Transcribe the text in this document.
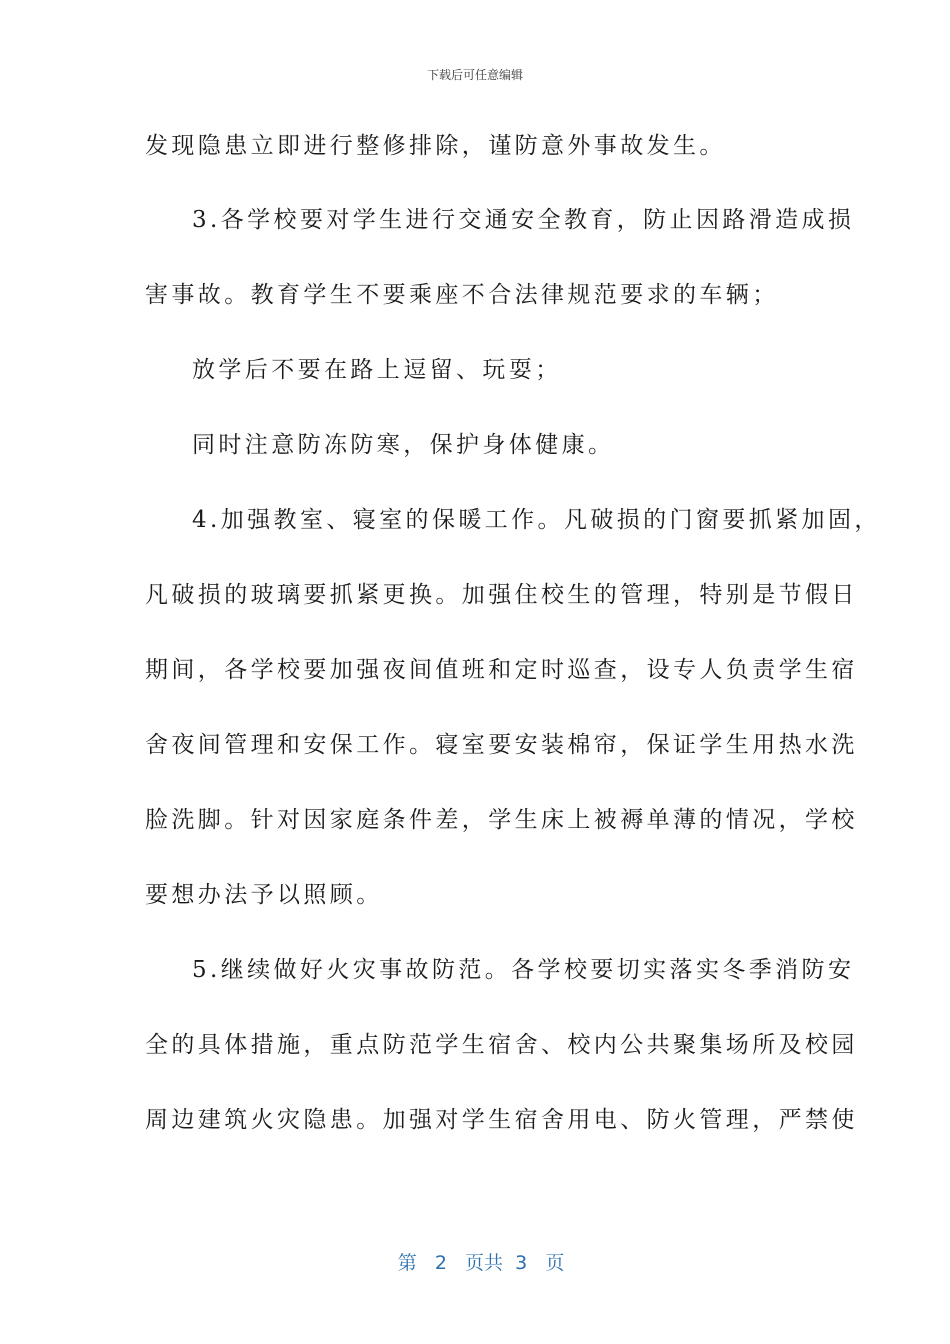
下载后可任意编辑
发现隐患立即进行整修排除，谨防意外事故发生。
3.各学校要对学生进行交通安全教育，防止因路滑造成损
害事故。教育学生不要乘座不合法律规范要求的车辆；
放学后不要在路上逗留、玩耍；
同时注意防冻防寒，保护身体健康。
4.加强教室、寝室的保暖工作。凡破损的门窗要抓紧加固，
凡破损的玻璃要抓紧更换。加强住校生的管理，特别是节假日
期间，各学校要加强夜间值班和定时巡查，设专人负责学生宿
舍夜间管理和安保工作。寝室要安装棉帘，保证学生用热水洗
脸洗脚。针对因家庭条件差，学生床上被褥单薄的情况，学校
要想办法予以照顾。
5.继续做好火灾事故防范。各学校要切实落实冬季消防安
全的具体措施，重点防范学生宿舍、校内公共聚集场所及校园
周边建筑火灾隐患。加强对学生宿舍用电、防火管理，严禁使

第 2 页共 3 页
